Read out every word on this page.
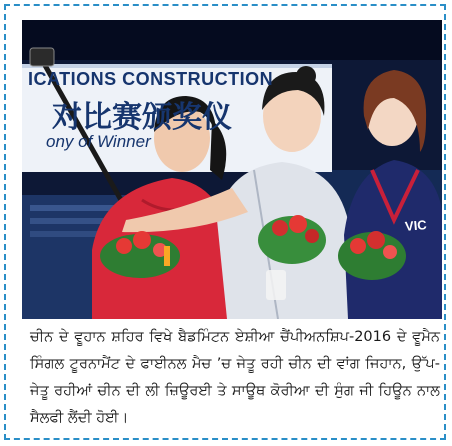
ICATIONS CONSTRUCTION
对比赛颁奖仪
ony of Winner
VIC
ਚੀਨ ਦੇ ਵੂਹਾਨ ਸ਼ਹਿਰ ਵਿਖੇ ਬੈਡਮਿੰਟਨ ਏਸ਼ੀਆ ਚੈਂਪੀਅਨਸ਼ਿਪ-2016 ਦੇ ਵੂਮੈਨ ਸਿੰਗਲ ਟੂਰਨਾਮੈਂਟ ਦੇ ਫਾਈਨਲ ਮੈਚ ’ਚ ਜੇਤੂ ਰਹੀ ਚੀਨ ਦੀ ਵਾਂਗ ਜਿਹਾਨ, ਉੱਪ-ਜੇਤੂ ਰਹੀਆਂ ਚੀਨ ਦੀ ਲੀ ਜ਼ਿਊਰਈ ਤੇ ਸਾਊਥ ਕੋਰੀਆ ਦੀ ਸੁੰਗ ਜੀ ਹਿਊਨ ਨਾਲ ਸੈਲਫੀ ਲੈਂਦੀ ਹੋਈ।
